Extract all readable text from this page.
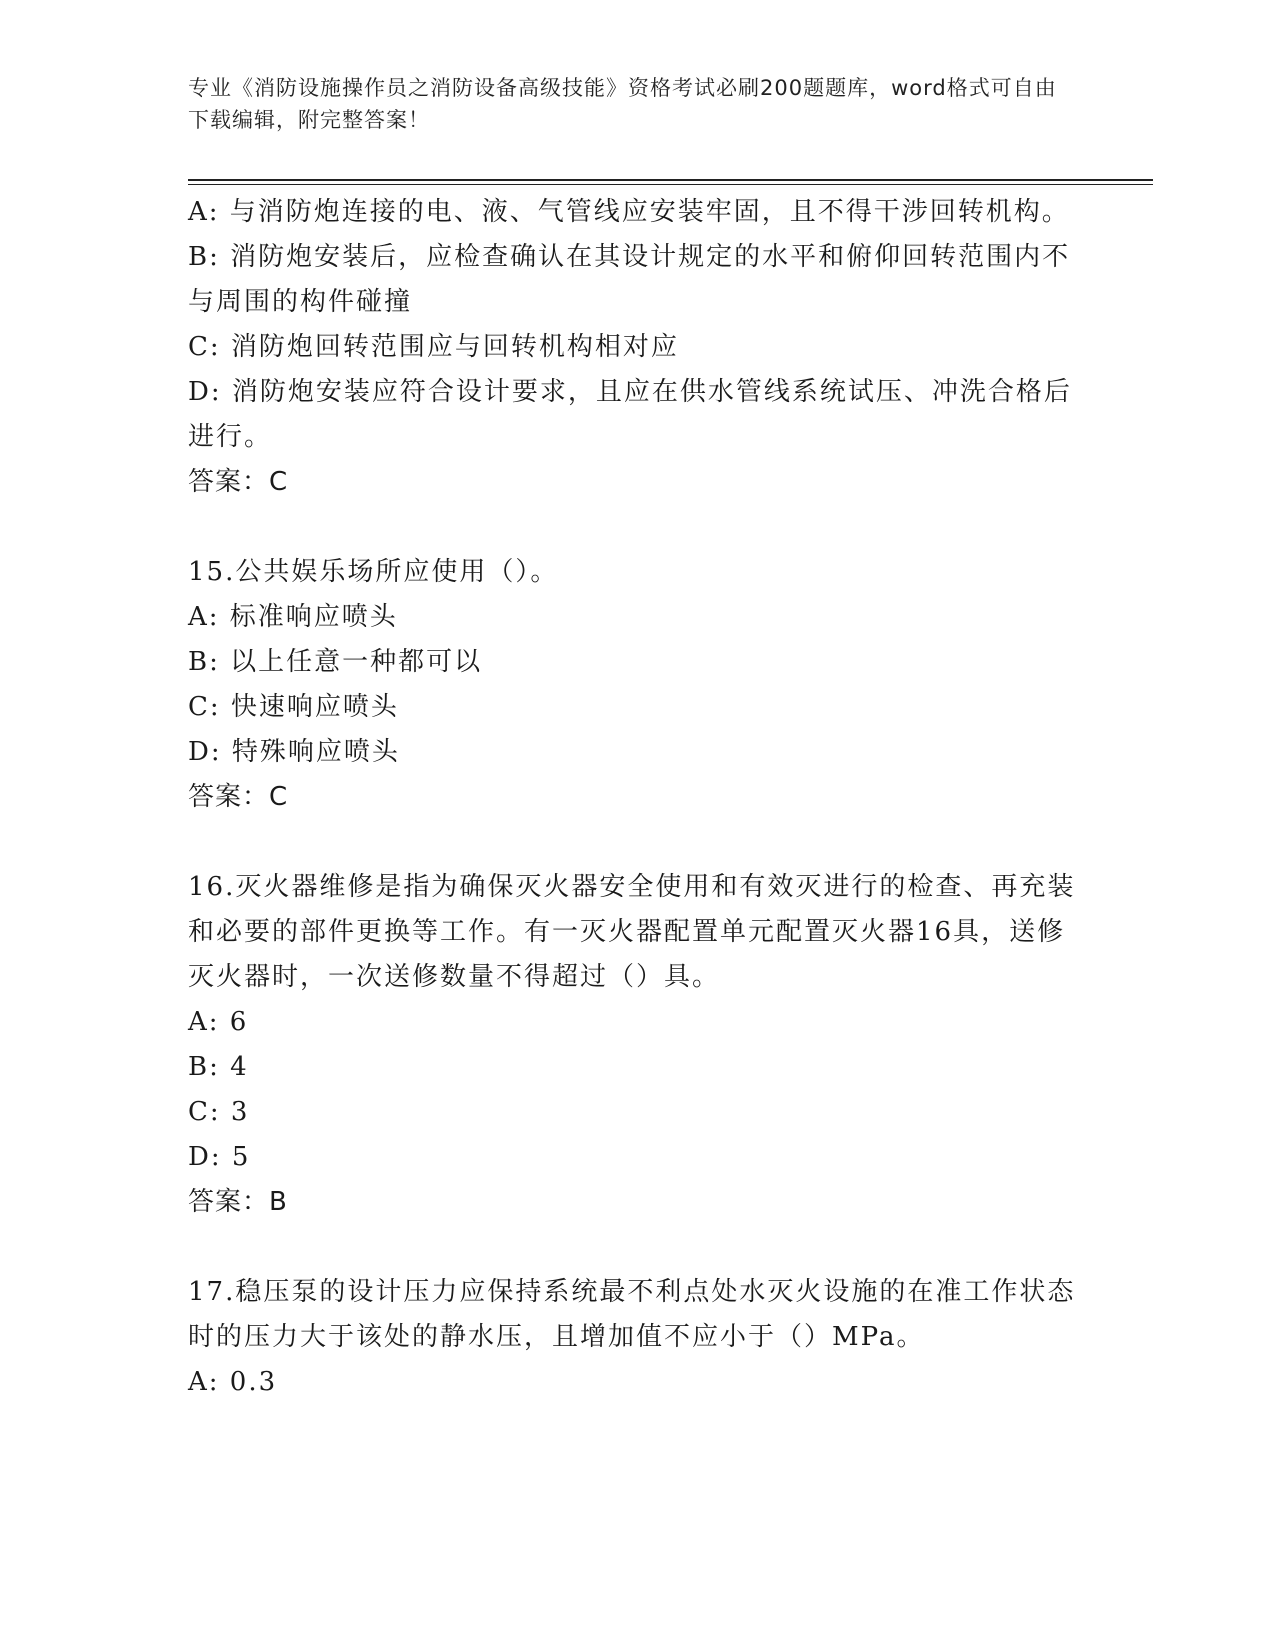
专业《消防设施操作员之消防设备高级技能》资格考试必刷200题题库，word格式可自由下载编辑，附完整答案！

A: 与消防炮连接的电、液、气管线应安装牢固，且不得干涉回转机构。

B: 消防炮安装后，应检查确认在其设计规定的水平和俯仰回转范围内不与周围的构件碰撞

C: 消防炮回转范围应与回转机构相对应

D: 消防炮安装应符合设计要求，且应在供水管线系统试压、冲洗合格后进行。

答案：C

15.公共娱乐场所应使用（）。

A: 标准响应喷头

B: 以上任意一种都可以

C: 快速响应喷头

D: 特殊响应喷头

答案：C

16.灭火器维修是指为确保灭火器安全使用和有效灭进行的检查、再充装和必要的部件更换等工作。有一灭火器配置单元配置灭火器16具，送修灭火器时，一次送修数量不得超过（）具。

A: 6

B: 4

C: 3

D: 5

答案：B

17.稳压泵的设计压力应保持系统最不利点处水灭火设施的在准工作状态时的压力大于该处的静水压，且增加值不应小于（）MPa。

A: 0.3
